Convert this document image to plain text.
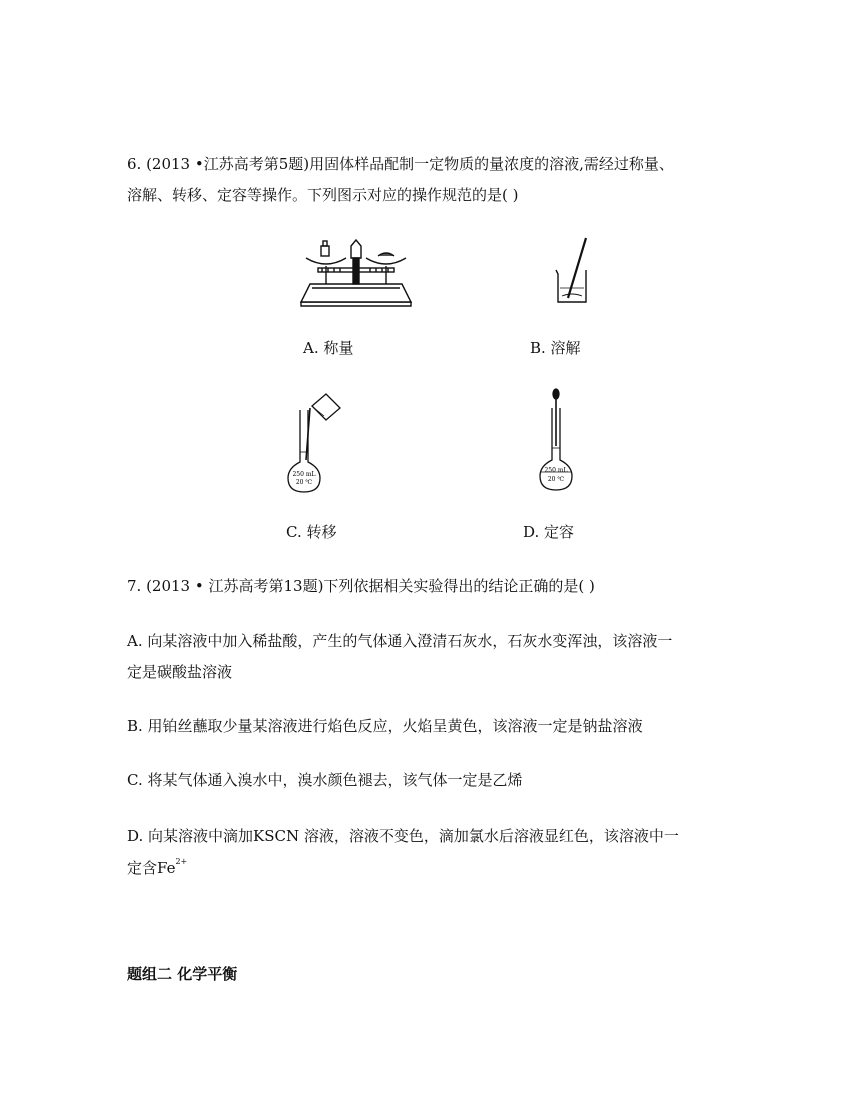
6. (2013 •江苏高考第5题)用固体样品配制一定物质的量浓度的溶液,需经过称量、
溶解、转移、定容等操作。下列图示对应的操作规范的是( )
A. 称量	B. 溶解
250 mL
20 ℃
C. 转移
250 mL
20 ℃
D. 定容
7. (2013 • 江苏高考第13题)下列依据相关实验得出的结论正确的是( )
A. 向某溶液中加入稀盐酸，产生的气体通入澄清石灰水，石灰水变浑浊，该溶液一
定是碳酸盐溶液
B. 用铂丝蘸取少量某溶液进行焰色反应，火焰呈黄色，该溶液一定是钠盐溶液
C. 将某气体通入溴水中，溴水颜色褪去，该气体一定是乙烯
D. 向某溶液中滴加KSCN 溶液，溶液不变色，滴加氯水后溶液显红色，该溶液中一
定含$Fe^{2+}$
题组二 化学平衡
